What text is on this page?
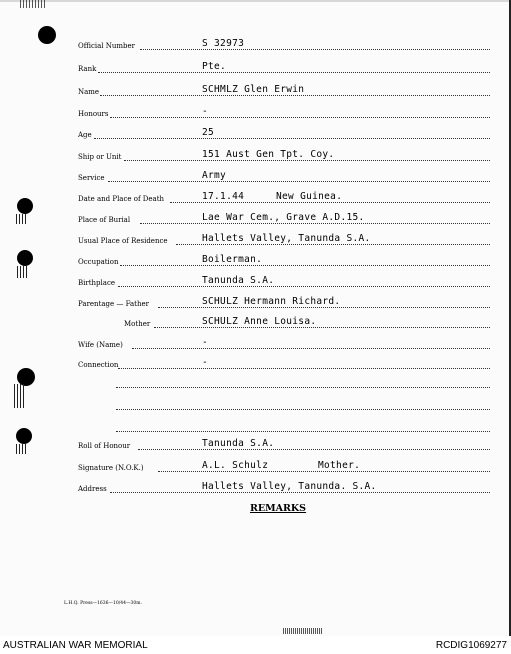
Official Number	S 32973
Rank	Pte.
Name	SCHMLZ Glen Erwin
Honours	-
Age	25
Ship or Unit	151 Aust Gen Tpt. Coy.
Service	Army
Date and Place of Death	17.1.44	New Guinea.
Place of Burial	Lae War Cem., Grave A.D.15.
Usual Place of Residence	Hallets Valley, Tanunda S.A.
Occupation	Boilerman.
Birthplace	Tanunda S.A.
Parentage — Father	SCHULZ Hermann Richard.
Mother	SCHULZ Anne Louisa.
Wife (Name)	-
Connection	-
Roll of Honour	Tanunda S.A.
Signature (N.O.K.)	A.L. Schulz	Mother.
Address	Hallets Valley, Tanunda. S.A.
REMARKS
L.H.Q. Press—1636—10/44—30m.
AUSTRALIAN WAR MEMORIAL	RCDIG1069277
